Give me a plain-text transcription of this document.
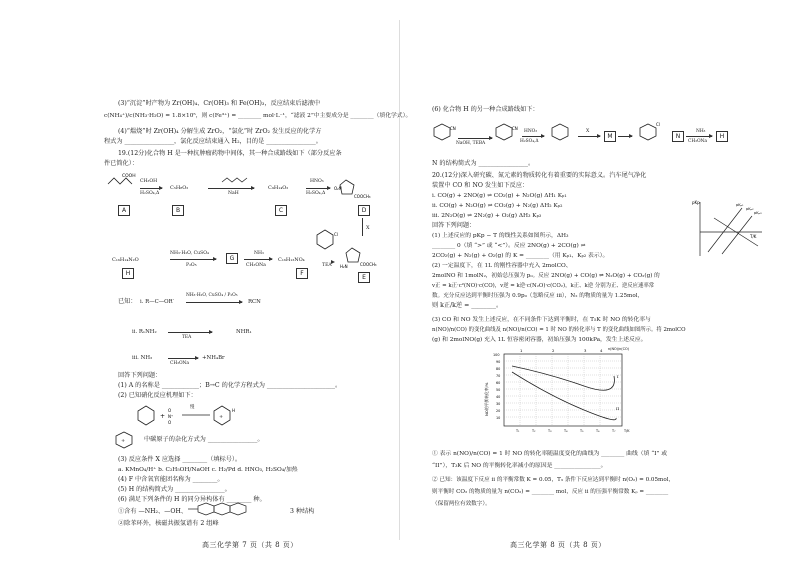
(3)“沉淀”时产物为 Zr(OH)₄、Cr(OH)₃ 和 Fe(OH)₃，反应结束后滤液中
c(NH₄⁺)/c(NH₃·H₂O) = 1.8×10⁵，则 c(Fe³⁺) = ________ mol·L⁻¹，“滤液 2”中主要成分是 ________（填化学式）。
(4)“熅烧”时 Zr(OH)₄ 分解生成 ZrO₂，“氯化”时 ZrO₂ 发生反应的化学方
程式为 ________________，氯化反应结束通入 H₂，目的是 ________________。
19.(12分)化合物 H 是一种抗肿瘤药物中间体，其一种合成路线如下（部分反应条
件已简化）：
COOH
CH₃OH
H₂SO₄,Δ
C₅H₈O₂
NaH
C₉H₁₄O₂
HNO₃
H₂SO₄,Δ
O₂N
COOCH₃
A	B	C	D
X
C₁₆H₁₄N₂O
NH₃·H₂O, CuSO₄
P₂O₅
G
NH₃
CH₃ONa
C₁₆H₁₃NO₄
Cl
TEA H₂N	COOCH₃
H	F
E
已知： i. R—C—OR′
NH₃·H₂O, CuSO₄ / P₂O₅
RCN
ii. R₁NH₂
TEA
NHR₁
iii. NH₃
CH₃ONa
+NH₄Br
回答下列问题：
(1) A 的名称是 ____________；B→C 的化学方程式为 ______________________。
(2) 已知硝化反应机理如下：
+
O
N⁺
O
+
H
慢
+	中碳原子的杂化方式为 ________________。
(3) 反应条件 X 应选择 ________（填标号）。
a. KMnO₄/H⁺ b. C₂H₅OH/NaOH c. H₂/Pd d. HNO₃, H₂SO₄/加热
(4) F 中含氧官能团名称为 ________。
(5) H 的结构简式为 ________________。
(6) 满足下列条件的 H 的同分异构体有 ________ 种。
①含有 —NH₂、—OH、	3 种结构
②除苯环外，核磁共振氢谱有 2 组峰
高三化学第 7 页（共 8 页）
(6) 化合物 H 的另一种合成路线如下：
CN
NaOH, TEBA
CN
HNO₃
H₂SO₄,Δ
X
M
Cl
N
NH₃
CH₃ONa
H
N 的结构简式为 ________________。
20.(12分)深入研究碳、氮元素的物质转化有着重要的实际意义。汽车尾气净化
装置中 CO 和 NO 发生如下反应：
i. CO(g) + 2NO(g) ⇌ CO₂(g) + N₂O(g) ΔH₁ Kₚ₁
ii. CO(g) + N₂O(g) ⇌ CO₂(g) + N₂(g) ΔH₂ Kₚ₂
iii. 2N₂O(g) ⇌ 2N₂(g) + O₂(g) ΔH₃ Kₚ₃
回答下列问题：
(1) 上述反应的 pKp − T 的线性关系如图所示，ΔH₃
________ 0（填 “>” 或 “<”）。反应 2NO(g) + 2CO(g) ⇌
2CO₂(g) + N₂(g) + O₂(g) 的 K = ________（用 Kₚ₁、Kₚ₂ 表示）。
pKp
T/K
pKₚ₁
pKₚ₂
pKₚ₃
(2) 一定温度下，在 1L 的刚性容器中充入 2molCO、
2molNO 和 1molN₂，初始总压强为 p₀。反应 2NO(g) + CO(g) ⇌ N₂O(g) + CO₂(g) 的
v正 = k正·c²(NO)·c(CO)，v逆 = k逆·c(N₂O)·c(CO₂)，k正、k逆 分别为正、逆反应速率常
数。充分反应达到平衡时压强为 0.9p₀（忽略反应 iii），N₂ 的物质的量为 1.25mol，
则 k正/k逆 = ________。
(3) CO 和 NO 发生上述反应，在不同条件下达到平衡时，在 T₅K 时 NO 的转化率与
n(NO)/n(CO) 的变化曲线及 n(NO)/n(CO) = 1 时 NO 的转化率与 T 的变化曲线如图所示。将 2molCO
(g) 和 2molNO(g) 充入 1L 恒容密闭容器，初始压强为 100kPa，发生上述反应。
NO的平衡转化率/%
1	2	3	4 n(NO)/n(CO)
100
90
80
70
60
50
40
30
20
10
T₁	T₂	T₃	T₄	T₅	T₆	T₇	T/K
I
II
① 表示 n(NO)/n(CO) = 1 时 NO 的转化率随温度变化的曲线为 ________ 曲线（填 “I” 或
“II”），T₃K 后 NO 的平衡转化率减小的原因是 ________________。
② 已知：该温度下反应 ii 的平衡常数 K = 0.05，T₃ 条件下反应达到平衡时 n(O₂) = 0.05mol，
则平衡时 CO₂ 的物质的量为 n(CO₂) = ________ mol，反应 ii 的压强平衡常数 Kₚ = ________
（保留两位有效数字）。
高三化学第 8 页（共 8 页）
